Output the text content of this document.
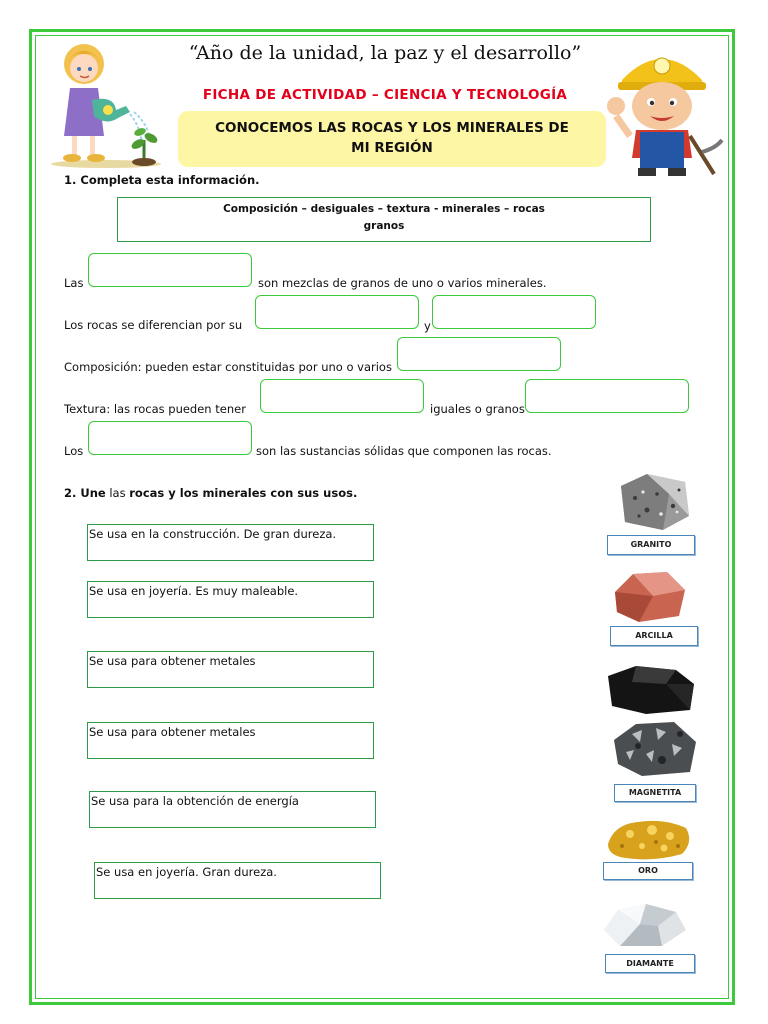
“Año de la unidad, la paz y el desarrollo”
FICHA DE ACTIVIDAD – CIENCIA Y TECNOLOGÍA
CONOCEMOS LAS ROCAS Y LOS MINERALES DE
MI REGIÓN
1. Completa esta información.

Composición – desiguales – textura - minerales – rocas

granos

Las	son mezclas de granos de uno o varios minerales.
Los rocas se diferencian por su	y
Composición: pueden estar constituidas por uno o varios
Textura: las rocas pueden tener	iguales o granos
Los	son las sustancias sólidas que componen las rocas.
2. Une las rocas y los minerales con sus usos.
Se usa en la construcción. De gran dureza.
Se usa en joyería. Es muy maleable.
Se usa para obtener metales
Se usa para obtener metales
Se usa para la obtención de energía
Se usa en joyería. Gran dureza.
GRANITO
ARCILLA
MAGNETITA
ORO
DIAMANTE
